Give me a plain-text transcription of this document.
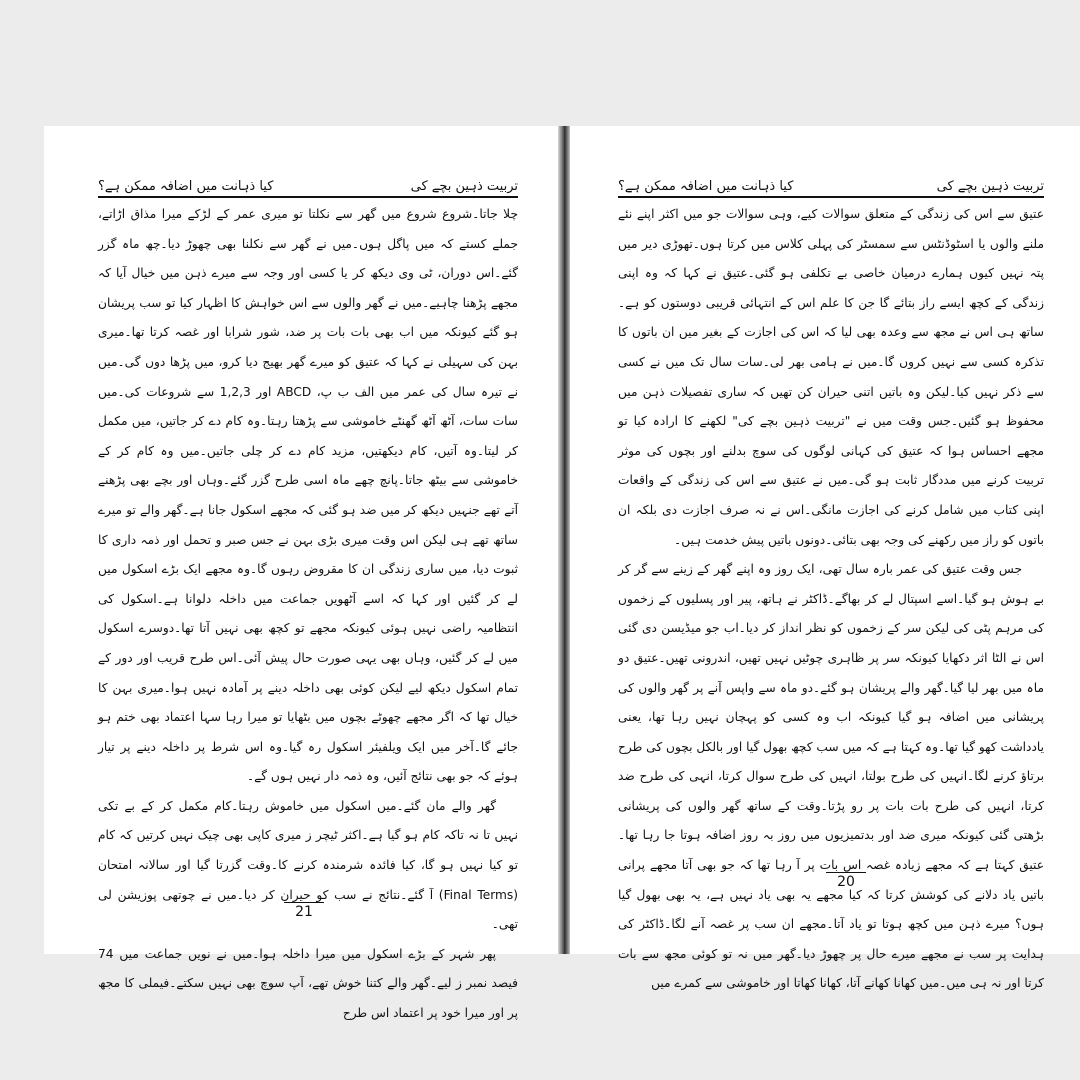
کیا ذہانت میں اضافہ ممکن ہے؟	تربیت ذہین بچے کی

چلا جاتا۔شروع شروع میں گھر سے نکلتا تو میری عمر کے لڑکے میرا مذاق اڑاتے، جملے کستے کہ میں پاگل ہوں۔میں نے گھر سے نکلنا بھی چھوڑ دیا۔چھ ماہ گزر گئے۔اس دوران، ٹی وی دیکھ کر یا کسی اور وجہ سے میرے ذہن میں خیال آیا کہ مجھے پڑھنا چاہیے۔میں نے گھر والوں سے اس خواہش کا اظہار کیا تو سب پریشان ہو گئے کیونکہ میں اب بھی بات بات پر ضد، شور شرابا اور غصہ کرتا تھا۔میری بہن کی سہیلی نے کہا کہ عتیق کو میرے گھر بھیج دیا کرو، میں پڑھا دوں گی۔میں نے تیرہ سال کی عمر میں الف ب پ، ABCD اور 1,2,3 سے شروعات کی۔میں سات سات، آٹھ آٹھ گھنٹے خاموشی سے پڑھتا رہتا۔وہ کام دے کر جاتیں، میں مکمل کر لیتا۔وہ آتیں، کام دیکھتیں، مزید کام دے کر چلی جاتیں۔میں وہ کام کر کے خاموشی سے بیٹھ جاتا۔پانچ چھے ماہ اسی طرح گزر گئے۔وہاں اور بچے بھی پڑھنے آتے تھے جنہیں دیکھ کر میں ضد ہو گئی کہ مجھے اسکول جانا ہے۔گھر والے تو میرے ساتھ تھے ہی لیکن اس وقت میری بڑی بہن نے جس صبر و تحمل اور ذمہ داری کا ثبوت دیا، میں ساری زندگی ان کا مقروض رہوں گا۔وہ مجھے ایک بڑے اسکول میں لے کر گئیں اور کہا کہ اسے آٹھویں جماعت میں داخلہ دلوانا ہے۔اسکول کی انتظامیہ راضی نہیں ہوئی کیونکہ مجھے تو کچھ بھی نہیں آتا تھا۔دوسرے اسکول میں لے کر گئیں، وہاں بھی یہی صورت حال پیش آئی۔اس طرح قریب اور دور کے تمام اسکول دیکھ لیے لیکن کوئی بھی داخلہ دینے پر آمادہ نہیں ہوا۔میری بہن کا خیال تھا کہ اگر مجھے چھوٹے بچوں میں بٹھایا تو میرا رہا سہا اعتماد بھی ختم ہو جائے گا۔آخر میں ایک ویلفیئر اسکول رہ گیا۔وہ اس شرط پر داخلہ دینے پر تیار ہوئے کہ جو بھی نتائج آئیں، وہ ذمہ دار نہیں ہوں گے۔

گھر والے مان گئے۔میں اسکول میں خاموش رہتا۔کام مکمل کر کے بے تکی نہیں تا نہ تاکہ کام ہو گیا ہے۔اکثر ٹیچر ز میری کاپی بھی چیک نہیں کرتیں کہ کام تو کیا نہیں ہو گا، کیا فائدہ شرمندہ کرنے کا۔وقت گزرتا گیا اور سالانہ امتحان (Final Terms) آ گئے۔نتائج نے سب کو حیران کر دیا۔میں نے چوتھی پوزیشن لی تھی۔

پھر شہر کے بڑے اسکول میں میرا داخلہ ہوا۔میں نے نویں جماعت میں 74 فیصد نمبر ز لیے۔گھر والے کتنا خوش تھے، آپ سوچ بھی نہیں سکتے۔فیملی کا مجھ پر اور میرا خود پر اعتماد اس طرح

21
کیا ذہانت میں اضافہ ممکن ہے؟	تربیت ذہین بچے کی

عتیق سے اس کی زندگی کے متعلق سوالات کیے، وہی سوالات جو میں اکثر اپنے نئے ملنے والوں یا اسٹوڈنٹس سے سمسٹر کی پہلی کلاس میں کرتا ہوں۔تھوڑی دیر میں پتہ نہیں کیوں ہمارے درمیان خاصی بے تکلفی ہو گئی۔عتیق نے کہا کہ وہ اپنی زندگی کے کچھ ایسے راز بتائے گا جن کا علم اس کے انتہائی قریبی دوستوں کو ہے۔ساتھ ہی اس نے مجھ سے وعدہ بھی لیا کہ اس کی اجازت کے بغیر میں ان باتوں کا تذکرہ کسی سے نہیں کروں گا۔میں نے ہامی بھر لی۔سات سال تک میں نے کسی سے ذکر نہیں کیا۔لیکن وہ باتیں اتنی حیران کن تھیں کہ ساری تفصیلات ذہن میں محفوظ ہو گئیں۔جس وقت میں نے "تربیت ذہین بچے کی" لکھنے کا ارادہ کیا تو مجھے احساس ہوا کہ عتیق کی کہانی لوگوں کی سوچ بدلنے اور بچوں کی موثر تربیت کرنے میں مددگار ثابت ہو گی۔میں نے عتیق سے اس کی زندگی کے واقعات اپنی کتاب میں شامل کرنے کی اجازت مانگی۔اس نے نہ صرف اجازت دی بلکہ ان باتوں کو راز میں رکھنے کی وجہ بھی بتائی۔دونوں باتیں پیش خدمت ہیں۔

جس وقت عتیق کی عمر بارہ سال تھی، ایک روز وہ اپنے گھر کے زینے سے گر کر بے ہوش ہو گیا۔اسے اسپتال لے کر بھاگے۔ڈاکٹر نے ہاتھ، پیر اور پسلیوں کے زخموں کی مرہم پٹی کی لیکن سر کے زخموں کو نظر انداز کر دیا۔اب جو میڈیسن دی گئی اس نے الٹا اثر دکھایا کیونکہ سر پر ظاہری چوٹیں نہیں تھیں، اندرونی تھیں۔عتیق دو ماہ میں بھر لیا گیا۔گھر والے پریشان ہو گئے۔دو ماہ سے واپس آنے پر گھر والوں کی پریشانی میں اضافہ ہو گیا کیونکہ اب وہ کسی کو پہچان نہیں رہا تھا، یعنی یادداشت کھو گیا تھا۔وہ کہتا ہے کہ میں سب کچھ بھول گیا اور بالکل بچوں کی طرح برتاؤ کرنے لگا۔انہیں کی طرح بولتا، انہیں کی طرح سوال کرتا، انہی کی طرح ضد کرتا، انہیں کی طرح بات بات پر رو پڑتا۔وقت کے ساتھ گھر والوں کی پریشانی بڑھتی گئی کیونکہ میری ضد اور بدتمیزیوں میں روز بہ روز اضافہ ہوتا جا رہا تھا۔عتیق کہتا ہے کہ مجھے زیادہ غصہ اس بات پر آ رہا تھا کہ جو بھی آتا مجھے پرانی باتیں یاد دلانے کی کوشش کرتا کہ کیا مجھے یہ بھی یاد نہیں ہے، یہ بھی بھول گیا ہوں؟ میرے ذہن میں کچھ ہوتا تو یاد آتا۔مجھے ان سب پر غصہ آنے لگا۔ڈاکٹر کی ہدایت پر سب نے مجھے میرے حال پر چھوڑ دیا۔گھر میں نہ تو کوئی مجھ سے بات کرتا اور نہ ہی میں۔میں کھانا کھانے آتا، کھانا کھاتا اور خاموشی سے کمرے میں

20
